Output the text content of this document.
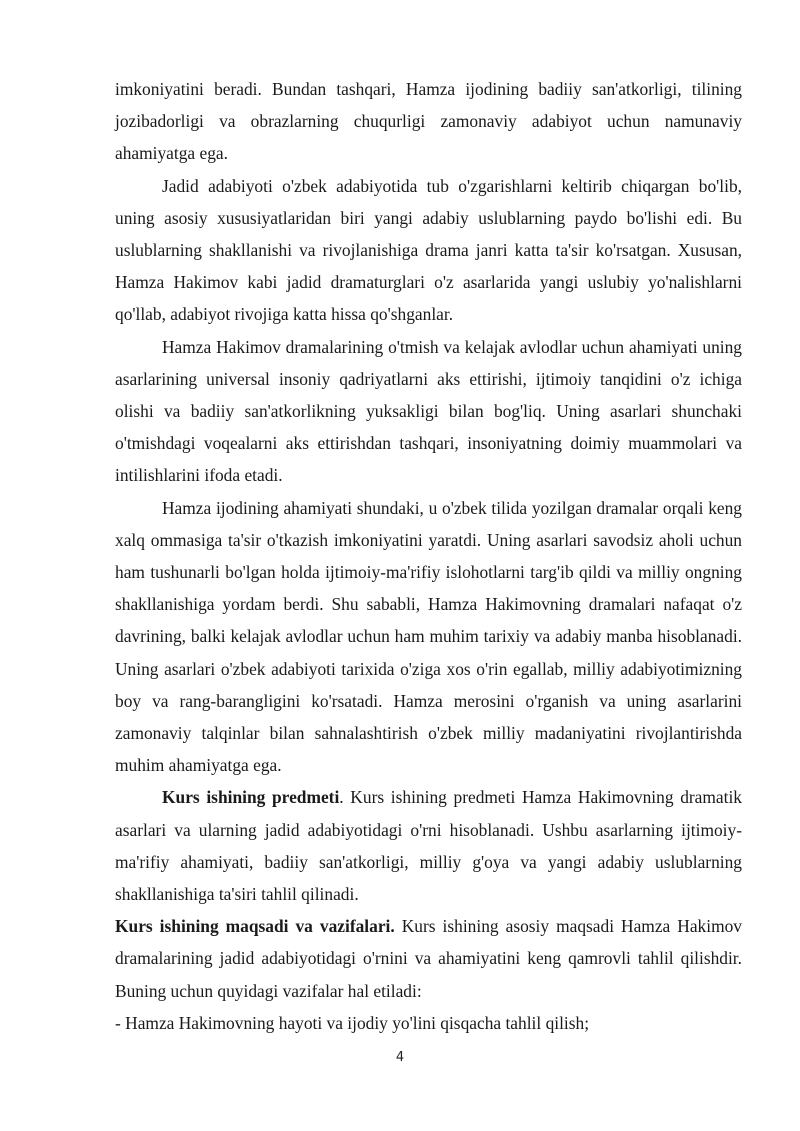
imkoniyatini beradi. Bundan tashqari, Hamza ijodining badiiy san'atkorligi, tilining jozibadorligi va obrazlarning chuqurligi zamonaviy adabiyot uchun namunaviy ahamiyatga ega.

Jadid adabiyoti o'zbek adabiyotida tub o'zgarishlarni keltirib chiqargan bo'lib, uning asosiy xususiyatlaridan biri yangi adabiy uslublarning paydo bo'lishi edi. Bu uslublarning shakllanishi va rivojlanishiga drama janri katta ta'sir ko'rsatgan. Xususan, Hamza Hakimov kabi jadid dramaturglari o'z asarlarida yangi uslubiy yo'nalishlarni qo'llab, adabiyot rivojiga katta hissa qo'shganlar.

Hamza Hakimov dramalarining o'tmish va kelajak avlodlar uchun ahamiyati uning asarlarining universal insoniy qadriyatlarni aks ettirishi, ijtimoiy tanqidini o'z ichiga olishi va badiiy san'atkorlikning yuksakligi bilan bog'liq. Uning asarlari shunchaki o'tmishdagi voqealarni aks ettirishdan tashqari, insoniyatning doimiy muammolari va intilishlarini ifoda etadi.

Hamza ijodining ahamiyati shundaki, u o'zbek tilida yozilgan dramalar orqali keng xalq ommasiga ta'sir o'tkazish imkoniyatini yaratdi. Uning asarlari savodsiz aholi uchun ham tushunarli bo'lgan holda ijtimoiy-ma'rifiy islohotlarni targ'ib qildi va milliy ongning shakllanishiga yordam berdi. Shu sababli, Hamza Hakimovning dramalari nafaqat o'z davrining, balki kelajak avlodlar uchun ham muhim tarixiy va adabiy manba hisoblanadi. Uning asarlari o'zbek adabiyoti tarixida o'ziga xos o'rin egallab, milliy adabiyotimizning boy va rang-barangligini ko'rsatadi. Hamza merosini o'rganish va uning asarlarini zamonaviy talqinlar bilan sahnalashtirish o'zbek milliy madaniyatini rivojlantirishda muhim ahamiyatga ega.

Kurs ishining predmeti. Kurs ishining predmeti Hamza Hakimovning dramatik asarlari va ularning jadid adabiyotidagi o'rni hisoblanadi. Ushbu asarlarning ijtimoiy-ma'rifiy ahamiyati, badiiy san'atkorligi, milliy g'oya va yangi adabiy uslublarning shakllanishiga ta'siri tahlil qilinadi.

Kurs ishining maqsadi va vazifalari. Kurs ishining asosiy maqsadi Hamza Hakimov dramalarining jadid adabiyotidagi o'rnini va ahamiyatini keng qamrovli tahlil qilishdir. Buning uchun quyidagi vazifalar hal etiladi:

- Hamza Hakimovning hayoti va ijodiy yo'lini qisqacha tahlil qilish;

4
